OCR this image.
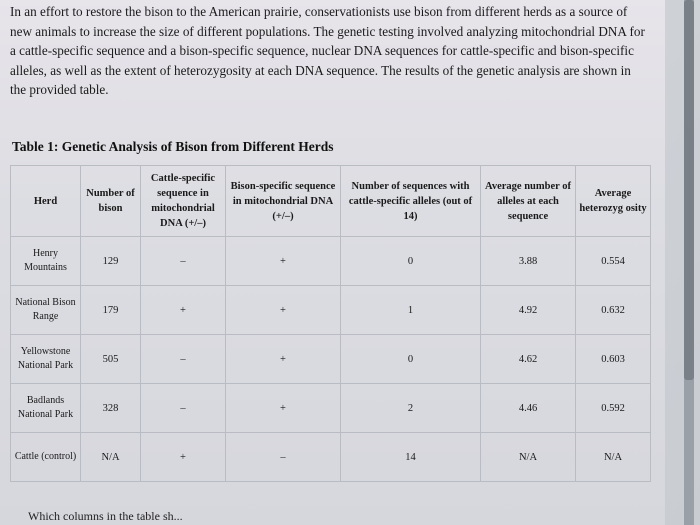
In an effort to restore the bison to the American prairie, conservationists use bison from different herds as a source of new animals to increase the size of different populations. The genetic testing involved analyzing mitochondrial DNA for a cattle-specific sequence and a bison-specific sequence, nuclear DNA sequences for cattle-specific and bison-specific alleles, as well as the extent of heterozygosity at each DNA sequence. The results of the genetic analysis are shown in the provided table.
Table 1: Genetic Analysis of Bison from Different Herds
Herd	Number of bison	Cattle-specific sequence in mitochondrial DNA (+/–)	Bison-specific sequence in mitochondrial DNA (+/–)	Number of sequences with cattle-specific alleles (out of 14)	Average number of alleles at each sequence	Average heterozyg osity
Henry Mountains	129	–	+	0	3.88	0.554
National Bison Range	179	+	+	1	4.92	0.632
Yellowstone National Park	505	–	+	0	4.62	0.603
Badlands National Park	328	–	+	2	4.46	0.592
Cattle (control)	N/A	+	–	14	N/A	N/A
Which columns in the table sh...
